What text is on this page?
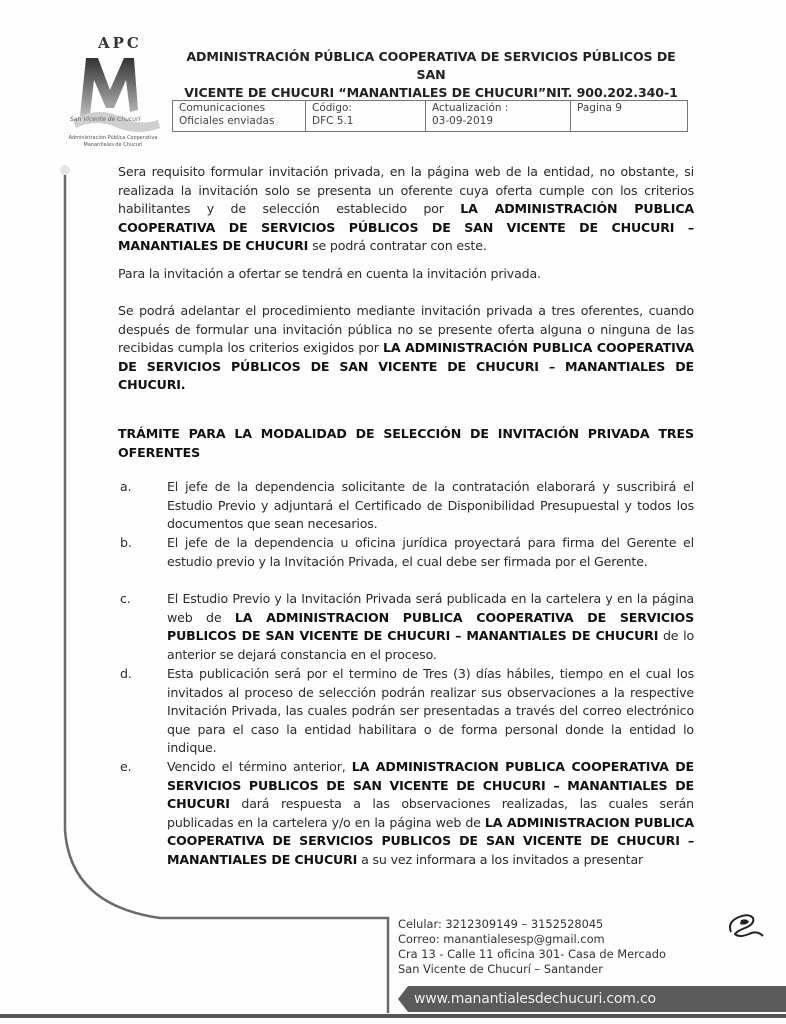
APC
San Vicente de Chucurí
Administración Pública Cooperativa Manantiales de Chucurí
ADMINISTRACIÓN PÚBLICA COOPERATIVA DE SERVICIOS PÚBLICOS DE SAN
VICENTE DE CHUCURI “MANANTIALES DE CHUCURI”NIT. 900.202.340-1
Comunicaciones
Oficiales enviadas

Código:
DFC 5.1

Actualización :
03-09-2019

Pagina 9
Sera requisito formular invitación privada, en la página web de la entidad, no obstante, si realizada la invitación solo se presenta un oferente cuya oferta cumple con los criterios habilitantes y de selección establecido por LA ADMINISTRACIÓN PUBLICA COOPERATIVA DE SERVICIOS PÚBLICOS DE SAN VICENTE DE CHUCURI – MANANTIALES DE CHUCURI se podrá contratar con este.
Para la invitación a ofertar se tendrá en cuenta la invitación privada.
Se podrá adelantar el procedimiento mediante invitación privada a tres oferentes, cuando después de formular una invitación pública no se presente oferta alguna o ninguna de las recibidas cumpla los criterios exigidos por LA ADMINISTRACIÓN PUBLICA COOPERATIVA DE SERVICIOS PÚBLICOS DE SAN VICENTE DE CHUCURI – MANANTIALES DE CHUCURI.
TRÁMITE PARA LA MODALIDAD DE SELECCIÓN DE INVITACIÓN PRIVADA TRES OFERENTES
a.	El jefe de la dependencia solicitante de la contratación elaborará y suscribirá el Estudio Previo y adjuntará el Certificado de Disponibilidad Presupuestal y todos los documentos que sean necesarios.
b.	El jefe de la dependencia u oficina jurídica proyectará para firma del Gerente el estudio previo y la Invitación Privada, el cual debe ser firmada por el Gerente.
c.	El Estudio Previo y la Invitación Privada será publicada en la cartelera y en la página web de LA ADMINISTRACION PUBLICA COOPERATIVA DE SERVICIOS PUBLICOS DE SAN VICENTE DE CHUCURI – MANANTIALES DE CHUCURI de lo anterior se dejará constancia en el proceso.
d.	Esta publicación será por el termino de Tres (3) días hábiles, tiempo en el cual los invitados al proceso de selección podrán realizar sus observaciones a la respective Invitación Privada, las cuales podrán ser presentadas a través del correo electrónico que para el caso la entidad habilitara o de forma personal donde la entidad lo indique.
e.	Vencido el término anterior, LA ADMINISTRACION PUBLICA COOPERATIVA DE SERVICIOS PUBLICOS DE SAN VICENTE DE CHUCURI – MANANTIALES DE CHUCURI dará respuesta a las observaciones realizadas, las cuales serán publicadas en la cartelera y/o en la página web de LA ADMINISTRACION PUBLICA COOPERATIVA DE SERVICIOS PUBLICOS DE SAN VICENTE DE CHUCURI – MANANTIALES DE CHUCURI a su vez informara a los invitados a presentar
Celular: 3212309149 – 3152528045
Correo: manantialesesp@gmail.com
Cra 13 - Calle 11 oficina 301- Casa de Mercado
San Vicente de Chucurí – Santander
www.manantialesdechucuri.com.co
